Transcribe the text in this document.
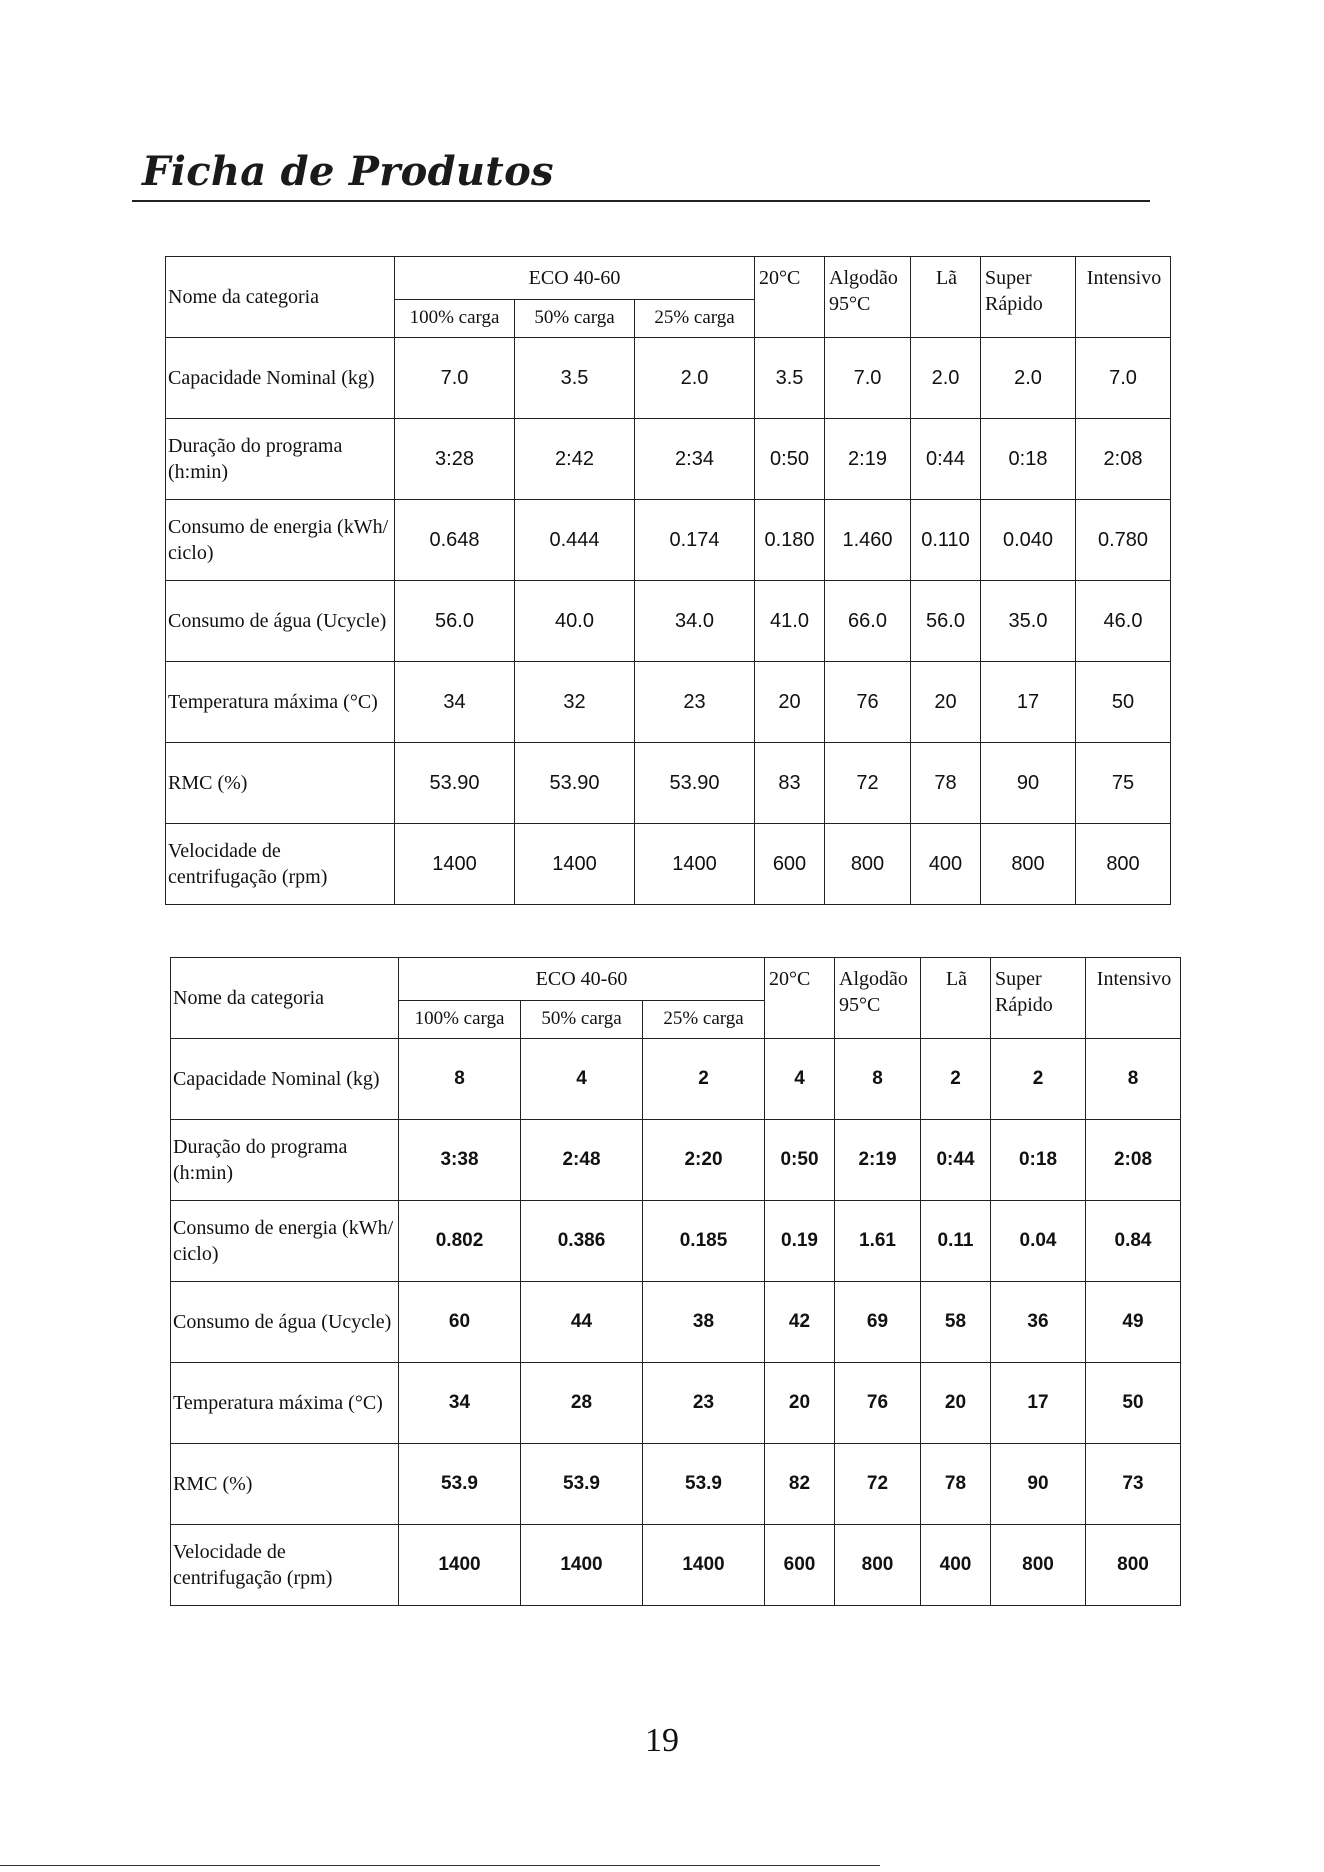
Ficha de Produtos
Nome da categoria	ECO 40-60			20°C	Algodão 95°C	Lã	Super Rápido	Intensivo
	100% carga	50% carga	25% carga					
Capacidade Nominal (kg)	7.0	3.5	2.0	3.5	7.0	2.0	2.0	7.0
Duração do programa (h:min)	3:28	2:42	2:34	0:50	2:19	0:44	0:18	2:08
Consumo de energia (kWh/ ciclo)	0.648	0.444	0.174	0.180	1.460	0.110	0.040	0.780
Consumo de água (Ucycle)	56.0	40.0	34.0	41.0	66.0	56.0	35.0	46.0
Temperatura máxima (°C)	34	32	23	20	76	20	17	50
RMC (%)	53.90	53.90	53.90	83	72	78	90	75
Velocidade de centrifugação (rpm)	1400	1400	1400	600	800	400	800	800
Nome da categoria	ECO 40-60			20°C	Algodão 95°C	Lã	Super Rápido	Intensivo
	100% carga	50% carga	25% carga					
Capacidade Nominal (kg)	8	4	2	4	8	2	2	8
Duração do programa (h:min)	3:38	2:48	2:20	0:50	2:19	0:44	0:18	2:08
Consumo de energia (kWh/ ciclo)	0.802	0.386	0.185	0.19	1.61	0.11	0.04	0.84
Consumo de água (Ucycle)	60	44	38	42	69	58	36	49
Temperatura máxima (°C)	34	28	23	20	76	20	17	50
RMC (%)	53.9	53.9	53.9	82	72	78	90	73
Velocidade de centrifugação (rpm)	1400	1400	1400	600	800	400	800	800
19
